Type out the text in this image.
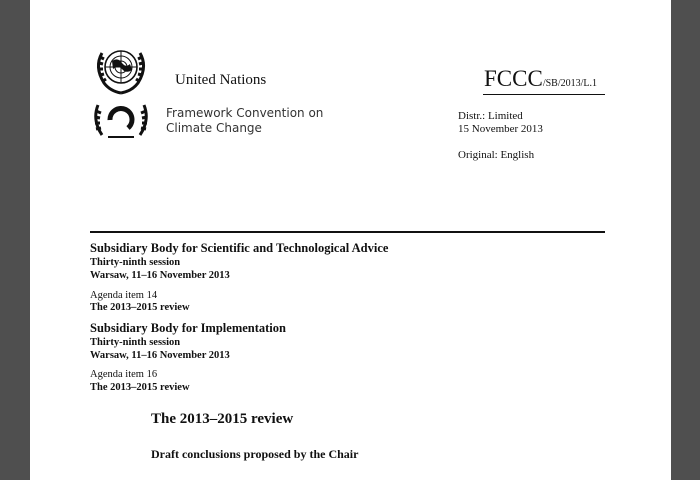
United Nations	FCCC/SB/2013/L.1
Framework Convention on
Climate Change
Distr.: Limited
15 November 2013
Original: English
Subsidiary Body for Scientific and Technological Advice
Thirty-ninth session
Warsaw, 11–16 November 2013
Agenda item 14
The 2013–2015 review
Subsidiary Body for Implementation
Thirty-ninth session
Warsaw, 11–16 November 2013
Agenda item 16
The 2013–2015 review
The 2013–2015 review
Draft conclusions proposed by the Chair
